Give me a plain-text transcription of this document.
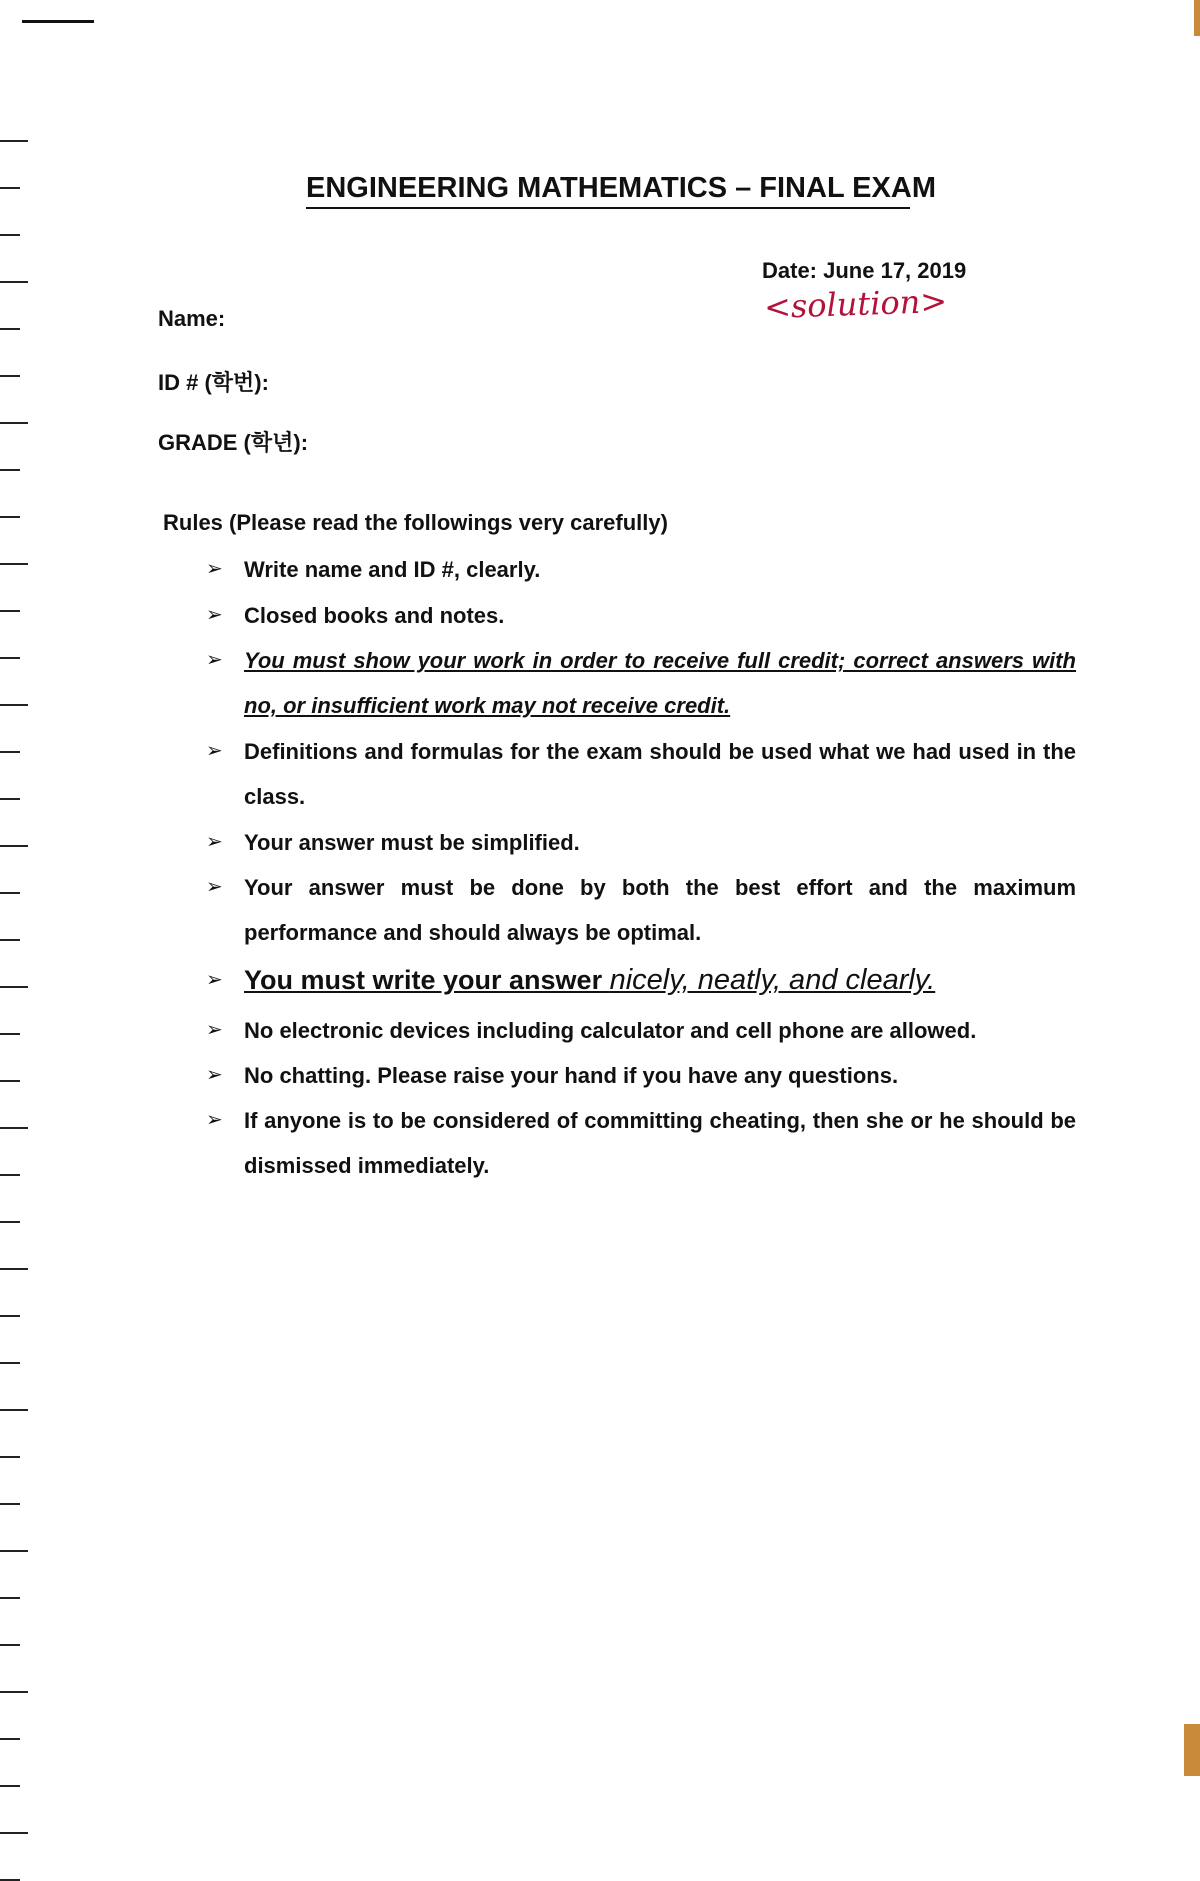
ENGINEERING MATHEMATICS – FINAL EXAM
Date: June 17, 2019
<solution>
Name:
ID # (학번):
GRADE (학년):
Rules (Please read the followings very carefully)
➢ Write name and ID #, clearly.
➢ Closed books and notes.
➢ You must show your work in order to receive full credit; correct answers with no, or insufficient work may not receive credit.
➢ Definitions and formulas for the exam should be used what we had used in the class.
➢ Your answer must be simplified.
➢ Your answer must be done by both the best effort and the maximum performance and should always be optimal.
➢ You must write your answer nicely, neatly, and clearly.
➢ No electronic devices including calculator and cell phone are allowed.
➢ No chatting. Please raise your hand if you have any questions.
➢ If anyone is to be considered of committing cheating, then she or he should be dismissed immediately.
